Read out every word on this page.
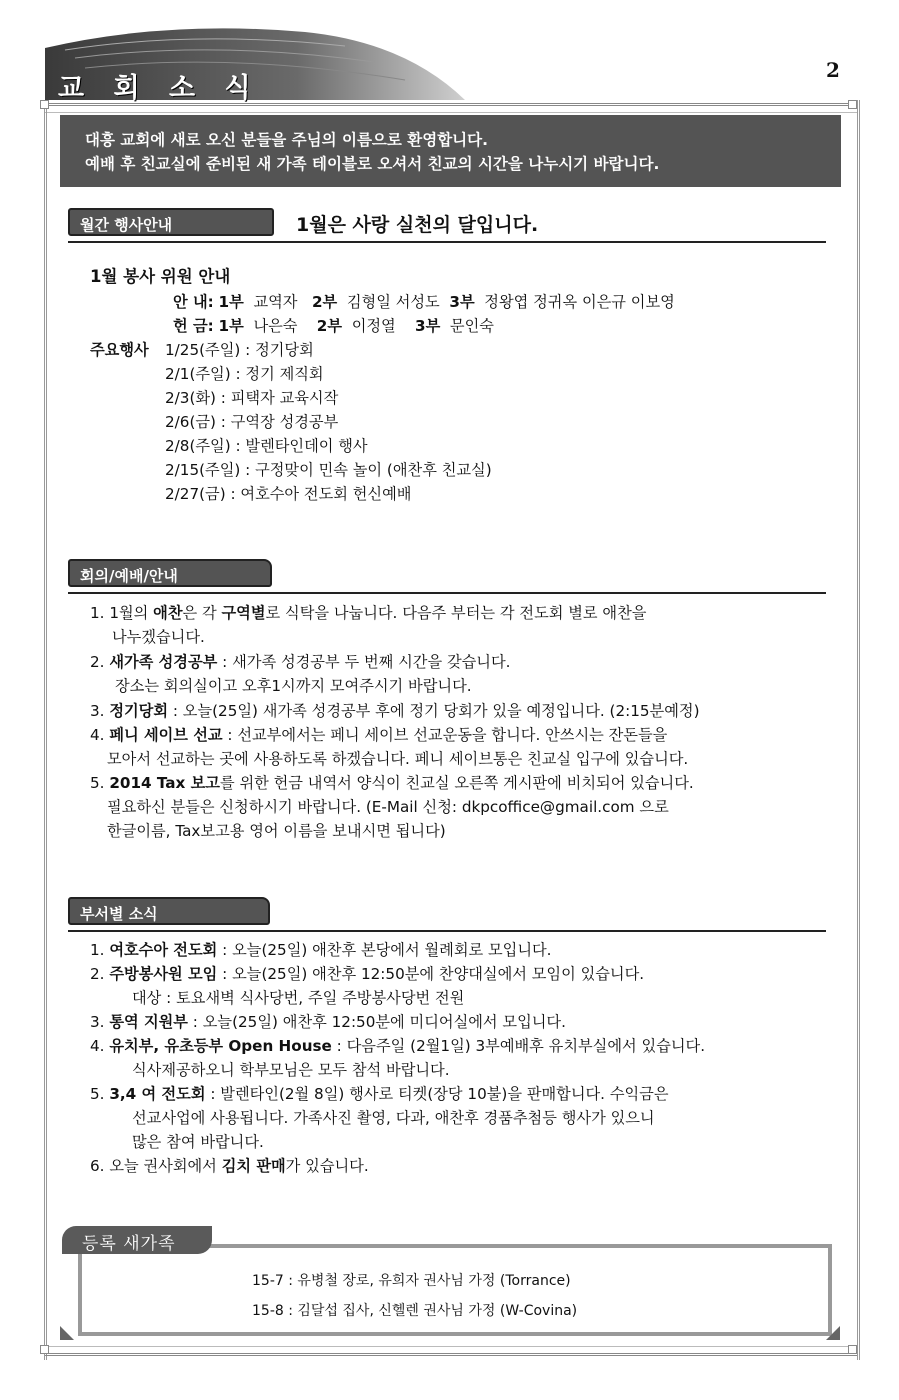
교 회 소 식
2
대흥 교회에 새로 오신 분들을 주님의 이름으로 환영합니다.
예배 후 친교실에 준비된 새 가족 테이블로 오셔서 친교의 시간을 나누시기 바랍니다.
월간 행사안내	1월은 사랑 실천의 달입니다.
1월 봉사 위원 안내
안 내: 1부 교역자 2부 김형일 서성도 3부 정왕엽 정귀옥 이은규 이보영
헌 금: 1부 나은숙 2부 이정열 3부 문인숙
주요행사 1/25(주일) : 정기당회
2/1(주일) : 정기 제직회
2/3(화) : 피택자 교육시작
2/6(금) : 구역장 성경공부
2/8(주일) : 발렌타인데이 행사
2/15(주일) : 구정맞이 민속 놀이 (애찬후 친교실)
2/27(금) : 여호수아 전도회 헌신예배
회의/예배/안내
1. 1월의 애찬은 각 구역별로 식탁을 나눕니다. 다음주 부터는 각 전도회 별로 애찬을
나누겠습니다.
2. 새가족 성경공부 : 새가족 성경공부 두 번째 시간을 갖습니다.
장소는 회의실이고 오후1시까지 모여주시기 바랍니다.
3. 정기당회 : 오늘(25일) 새가족 성경공부 후에 정기 당회가 있을 예정입니다. (2:15분예정)
4. 페니 세이브 선교 : 선교부에서는 페니 세이브 선교운동을 합니다. 안쓰시는 잔돈들을
모아서 선교하는 곳에 사용하도록 하겠습니다. 페니 세이브통은 친교실 입구에 있습니다.
5. 2014 Tax 보고를 위한 헌금 내역서 양식이 친교실 오른쪽 게시판에 비치되어 있습니다.
필요하신 분들은 신청하시기 바랍니다. (E-Mail 신청: dkpcoffice@gmail.com 으로
한글이름, Tax보고용 영어 이름을 보내시면 됩니다)
부서별 소식
1. 여호수아 전도회 : 오늘(25일) 애찬후 본당에서 월례회로 모입니다.
2. 주방봉사원 모임 : 오늘(25일) 애찬후 12:50분에 찬양대실에서 모임이 있습니다.
대상 : 토요새벽 식사당번, 주일 주방봉사당번 전원
3. 통역 지원부 : 오늘(25일) 애찬후 12:50분에 미디어실에서 모입니다.
4. 유치부, 유초등부 Open House : 다음주일 (2월1일) 3부예배후 유치부실에서 있습니다.
식사제공하오니 학부모님은 모두 참석 바랍니다.
5. 3,4 여 전도회 : 발렌타인(2월 8일) 행사로 티켓(장당 10불)을 판매합니다. 수익금은
선교사업에 사용됩니다. 가족사진 촬영, 다과, 애찬후 경품추첨등 행사가 있으니
많은 참여 바랍니다.
6. 오늘 권사회에서 김치 판매가 있습니다.
등록 새가족
15-7 : 유병철 장로, 유희자 권사님 가정 (Torrance)
15-8 : 김달섭 집사, 신헬렌 권사님 가정 (W-Covina)
